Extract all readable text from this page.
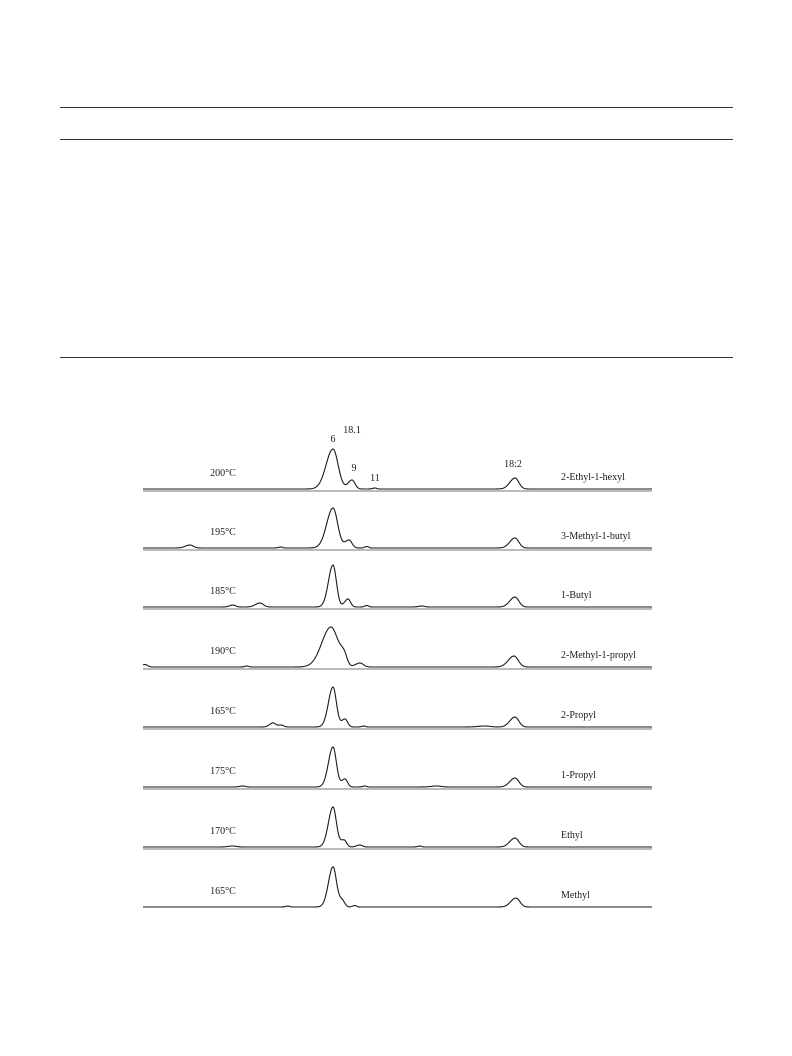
6
18.1
9
11
18:2
200°C	2-Ethyl-1-hexyl
195°C	3-Methyl-1-butyl
185°C	1-Butyl
190°C	2-Methyl-1-propyl
165°C	2-Propyl
175°C	1-Propyl
170°C	Ethyl
165°C	Methyl
